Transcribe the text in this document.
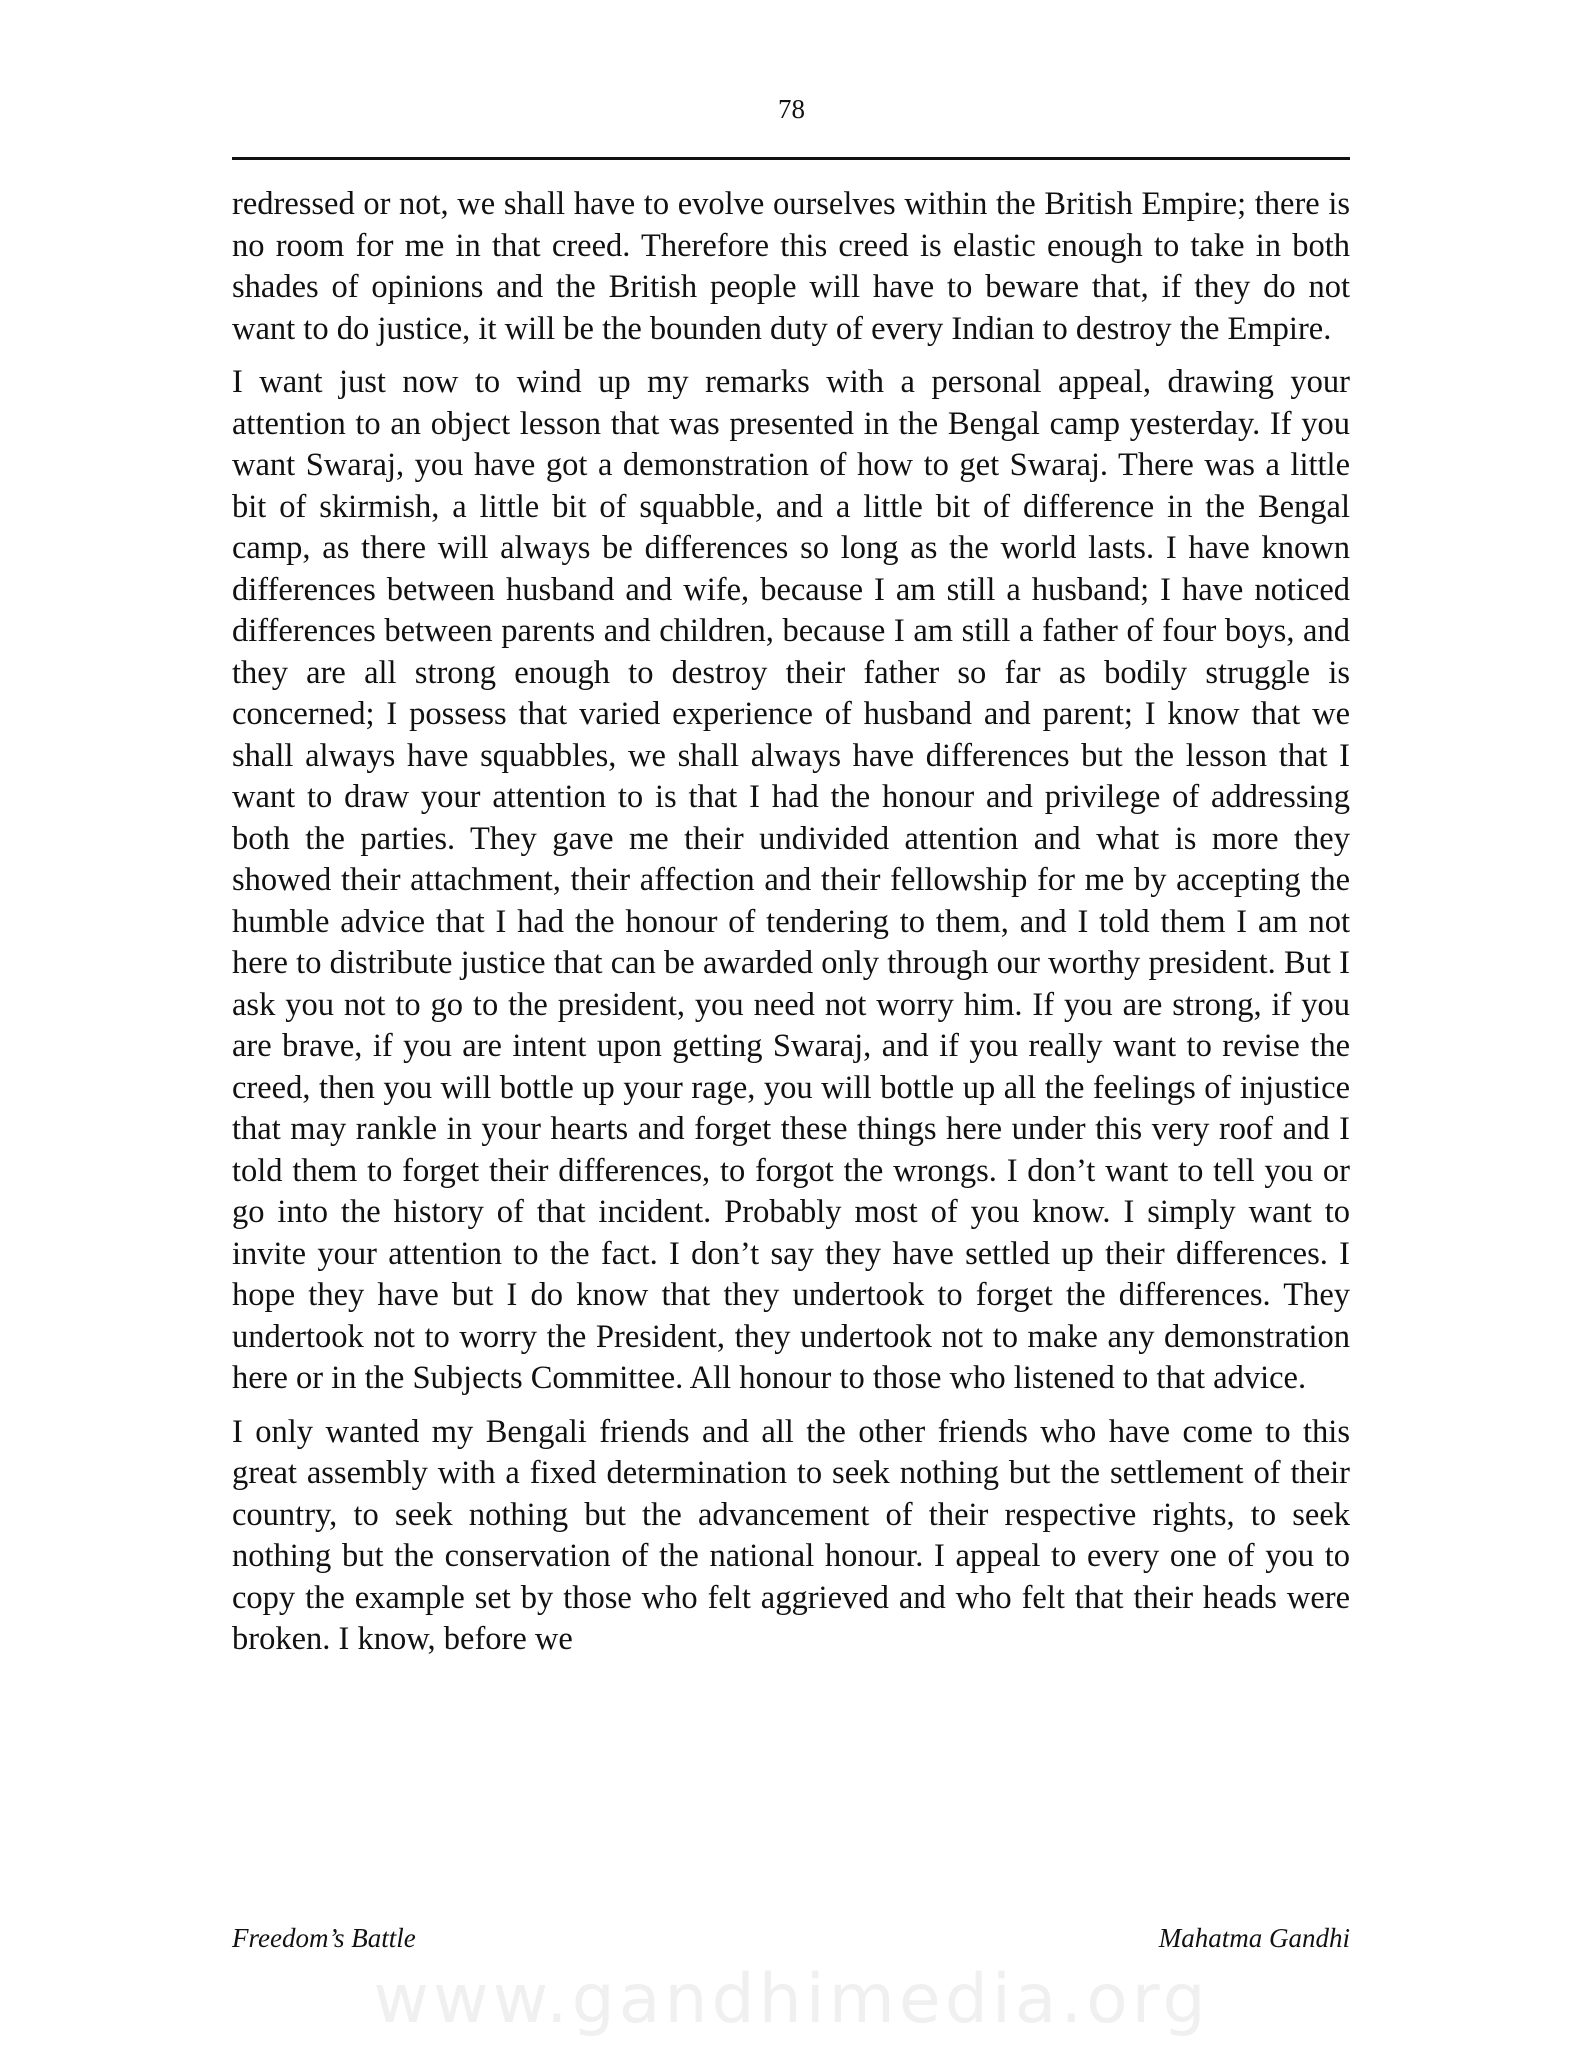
78

redressed or not, we shall have to evolve ourselves within the British Empire; there is no room for me in that creed. Therefore this creed is elastic enough to take in both shades of opinions and the British people will have to beware that, if they do not want to do justice, it will be the bounden duty of every Indian to destroy the Empire.

I want just now to wind up my remarks with a personal appeal, drawing your attention to an object lesson that was presented in the Bengal camp yesterday. If you want Swaraj, you have got a demonstration of how to get Swaraj. There was a little bit of skirmish, a little bit of squabble, and a little bit of difference in the Bengal camp, as there will always be differences so long as the world lasts. I have known differences between husband and wife, because I am still a husband; I have noticed differences between parents and children, because I am still a father of four boys, and they are all strong enough to destroy their father so far as bodily struggle is concerned; I possess that varied experience of husband and parent; I know that we shall always have squabbles, we shall always have differences but the lesson that I want to draw your attention to is that I had the honour and privilege of addressing both the parties. They gave me their undivided attention and what is more they showed their attachment, their affection and their fellowship for me by accepting the humble advice that I had the honour of tendering to them, and I told them I am not here to distribute justice that can be awarded only through our worthy president. But I ask you not to go to the president, you need not worry him. If you are strong, if you are brave, if you are intent upon getting Swaraj, and if you really want to revise the creed, then you will bottle up your rage, you will bottle up all the feelings of injustice that may rankle in your hearts and forget these things here under this very roof and I told them to forget their differences, to forgot the wrongs. I don’t want to tell you or go into the history of that incident. Probably most of you know. I simply want to invite your attention to the fact. I don’t say they have settled up their differences. I hope they have but I do know that they undertook to forget the differences. They undertook not to worry the President, they undertook not to make any demonstration here or in the Subjects Committee. All honour to those who listened to that advice.

I only wanted my Bengali friends and all the other friends who have come to this great assembly with a fixed determination to seek nothing but the settlement of their country, to seek nothing but the advancement of their respective rights, to seek nothing but the conservation of the national honour. I appeal to every one of you to copy the example set by those who felt aggrieved and who felt that their heads were broken. I know, before we

Freedom’s Battle	Mahatma Gandhi
www.gandhimedia.org
